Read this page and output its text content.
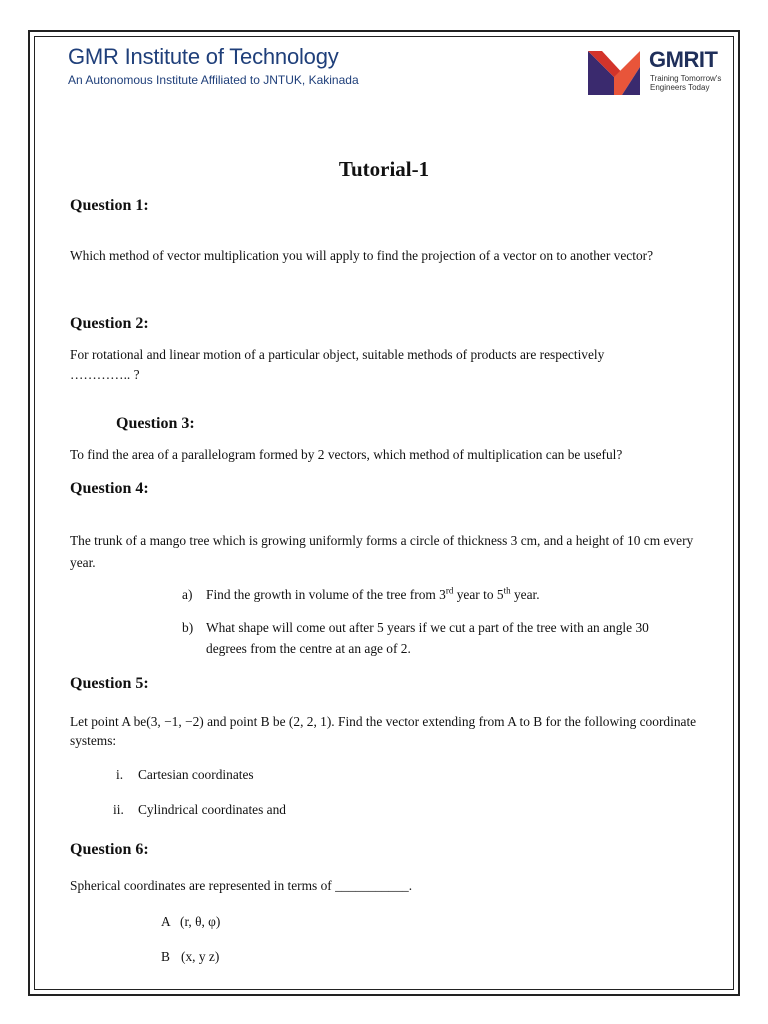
GMR Institute of Technology
An Autonomous Institute Affiliated to JNTUK, Kakinada
GMRIT
Training Tomorrow's
Engineers Today
Tutorial-1
Question 1:
Which method of vector multiplication you will apply to find the projection of a vector on to another vector?
Question 2:
For rotational and linear motion of a particular object, suitable methods of products are respectively
………….. ?
Question 3:
To find the area of a parallelogram formed by 2 vectors, which method of multiplication can be useful?
Question 4:
The trunk of a mango tree which is growing uniformly forms a circle of thickness 3 cm, and a height of 10 cm every year.
a) Find the growth in volume of the tree from 3rd year to 5th year.
b) What shape will come out after 5 years if we cut a part of the tree with an angle 30
degrees from the centre at an age of 2.
Question 5:
Let point A be(3, −1, −2) and point B be (2, 2, 1). Find the vector extending from A to B for the following coordinate systems:
i. Cartesian coordinates
ii. Cylindrical coordinates and
Question 6:
Spherical coordinates are represented in terms of ___________.
A (r, θ, φ)
B (x, y z)
